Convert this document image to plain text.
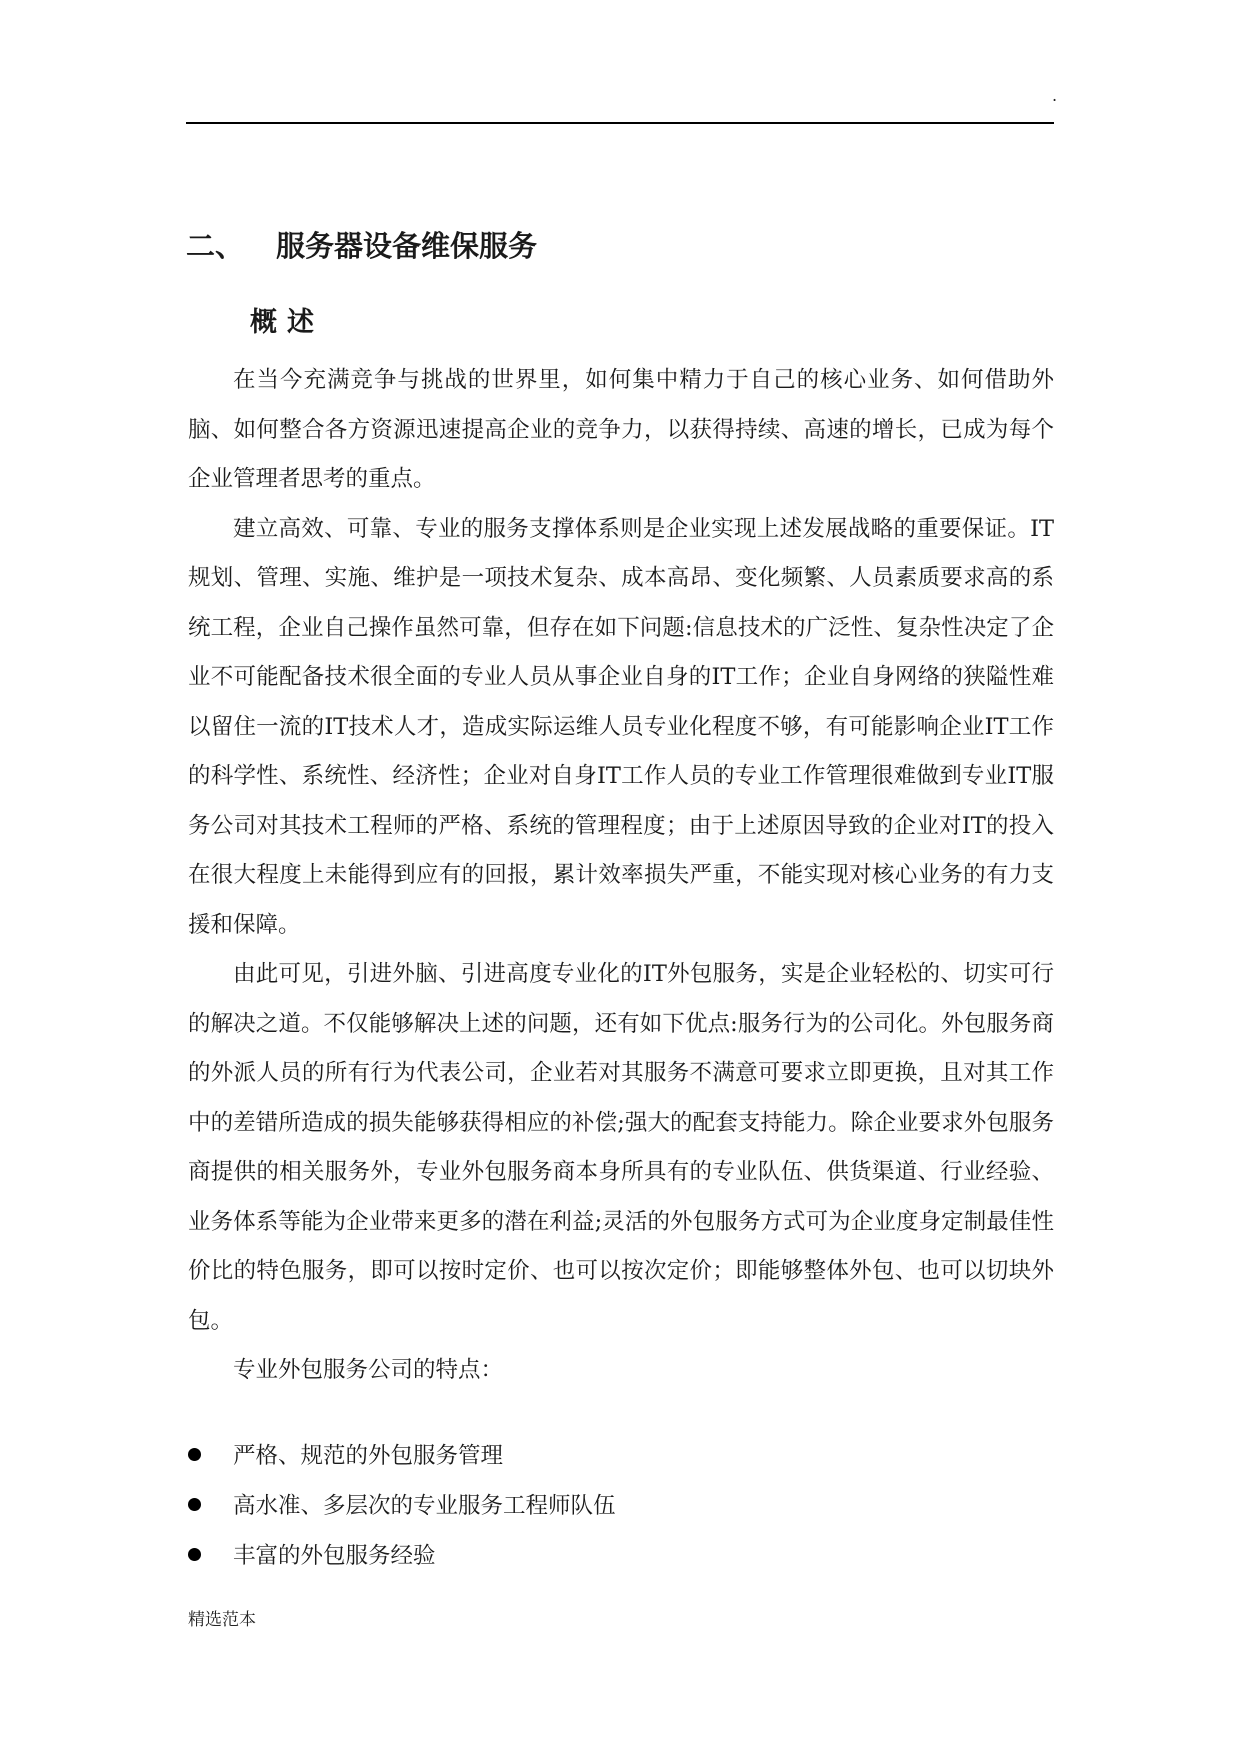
.
二、 服务器设备维保服务
概述

在当今充满竞争与挑战的世界里，如何集中精力于自己的核心业务、如何借助外脑、如何整合各方资源迅速提高企业的竞争力，以获得持续、高速的增长，已成为每个企业管理者思考的重点。

建立高效、可靠、专业的服务支撑体系则是企业实现上述发展战略的重要保证。IT规划、管理、实施、维护是一项技术复杂、成本高昂、变化频繁、人员素质要求高的系统工程，企业自己操作虽然可靠，但存在如下问题:信息技术的广泛性、复杂性决定了企业不可能配备技术很全面的专业人员从事企业自身的IT工作；企业自身网络的狭隘性难以留住一流的IT技术人才，造成实际运维人员专业化程度不够，有可能影响企业IT工作的科学性、系统性、经济性；企业对自身IT工作人员的专业工作管理很难做到专业IT服务公司对其技术工程师的严格、系统的管理程度；由于上述原因导致的企业对IT的投入在很大程度上未能得到应有的回报，累计效率损失严重，不能实现对核心业务的有力支援和保障。

由此可见，引进外脑、引进高度专业化的IT外包服务，实是企业轻松的、切实可行的解决之道。不仅能够解决上述的问题，还有如下优点:服务行为的公司化。外包服务商的外派人员的所有行为代表公司，企业若对其服务不满意可要求立即更换，且对其工作中的差错所造成的损失能够获得相应的补偿;强大的配套支持能力。除企业要求外包服务商提供的相关服务外，专业外包服务商本身所具有的专业队伍、供货渠道、行业经验、业务体系等能为企业带来更多的潜在利益;灵活的外包服务方式可为企业度身定制最佳性价比的特色服务，即可以按时定价、也可以按次定价；即能够整体外包、也可以切块外包。

专业外包服务公司的特点：

严格、规范的外包服务管理
高水准、多层次的专业服务工程师队伍
丰富的外包服务经验
精选范本
